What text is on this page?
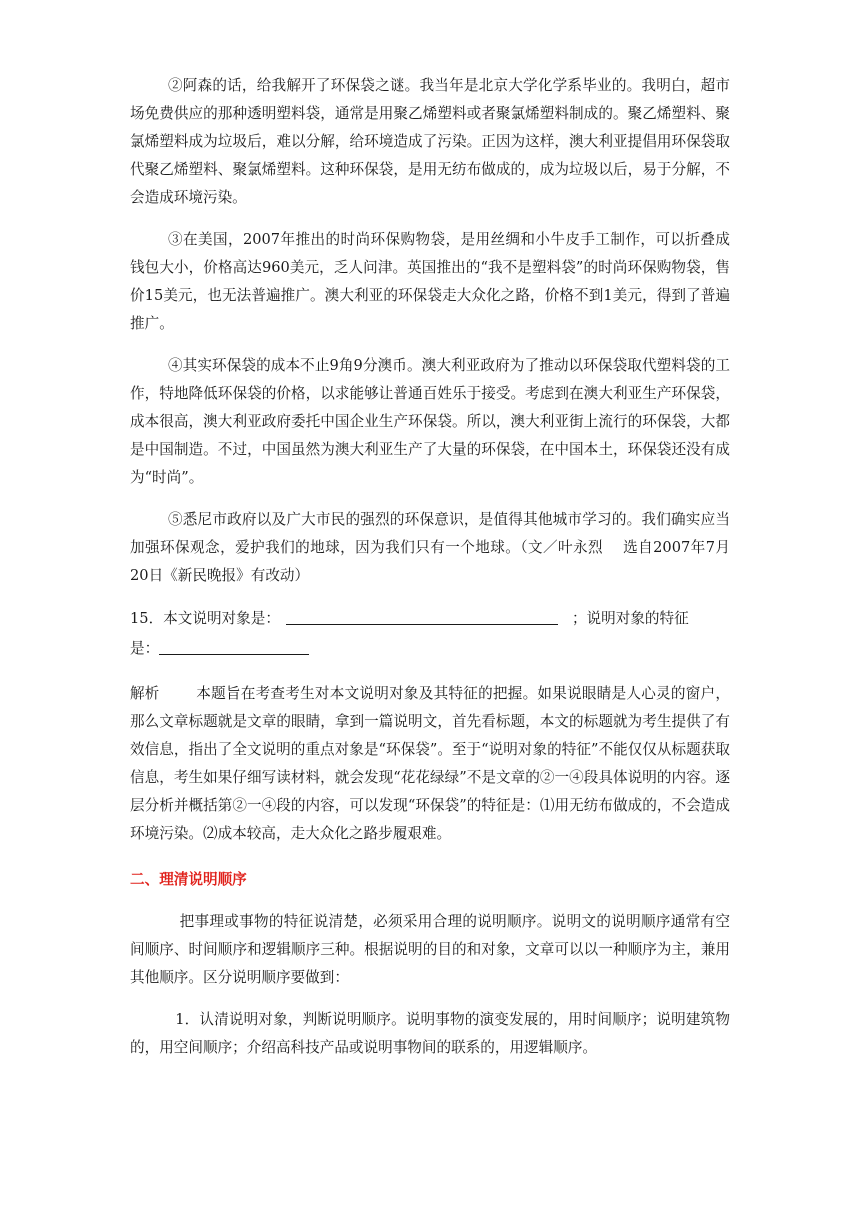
②阿森的话，给我解开了环保袋之谜。我当年是北京大学化学系毕业的。我明白，超市场免费供应的那种透明塑料袋，通常是用聚乙烯塑料或者聚氯烯塑料制成的。聚乙烯塑料、聚氯烯塑料成为垃圾后，难以分解，给环境造成了污染。正因为这样，澳大利亚提倡用环保袋取代聚乙烯塑料、聚氯烯塑料。这种环保袋，是用无纺布做成的，成为垃圾以后，易于分解，不会造成环境污染。

③在美国，2007年推出的时尚环保购物袋，是用丝绸和小牛皮手工制作，可以折叠成钱包大小，价格高达960美元，乏人问津。英国推出的“我不是塑料袋”的时尚环保购物袋，售价15美元，也无法普遍推广。澳大利亚的环保袋走大众化之路，价格不到1美元，得到了普遍推广。

④其实环保袋的成本不止9角9分澳币。澳大利亚政府为了推动以环保袋取代塑料袋的工作，特地降低环保袋的价格，以求能够让普通百姓乐于接受。考虑到在澳大利亚生产环保袋，成本很高，澳大利亚政府委托中国企业生产环保袋。所以，澳大利亚街上流行的环保袋，大都是中国制造。不过，中国虽然为澳大利亚生产了大量的环保袋，在中国本土，环保袋还没有成为“时尚”。

⑤悉尼市政府以及广大市民的强烈的环保意识，是值得其他城市学习的。我们确实应当加强环保观念，爱护我们的地球，因为我们只有一个地球。（文／叶永烈　 选自2007年7月20日《新民晚报》有改动）

15．本文说明对象是：	；说明对象的特征
是：

解析	本题旨在考查考生对本文说明对象及其特征的把握。如果说眼睛是人心灵的窗户，那么文章标题就是文章的眼睛，拿到一篇说明文，首先看标题，本文的标题就为考生提供了有效信息，指出了全文说明的重点对象是“环保袋”。至于“说明对象的特征”不能仅仅从标题获取信息，考生如果仔细写读材料，就会发现“花花绿绿”不是文章的②一④段具体说明的内容。逐层分析并概括第②一④段的内容，可以发现“环保袋”的特征是：⑴用无纺布做成的，不会造成环境污染。⑵成本较高，走大众化之路步履艰难。

二、理清说明顺序

把事理或事物的特征说清楚，必须采用合理的说明顺序。说明文的说明顺序通常有空间顺序、时间顺序和逻辑顺序三种。根据说明的目的和对象，文章可以以一种顺序为主，兼用其他顺序。区分说明顺序要做到：

1．认清说明对象，判断说明顺序。说明事物的演变发展的，用时间顺序；说明建筑物的，用空间顺序；介绍高科技产品或说明事物间的联系的，用逻辑顺序。
